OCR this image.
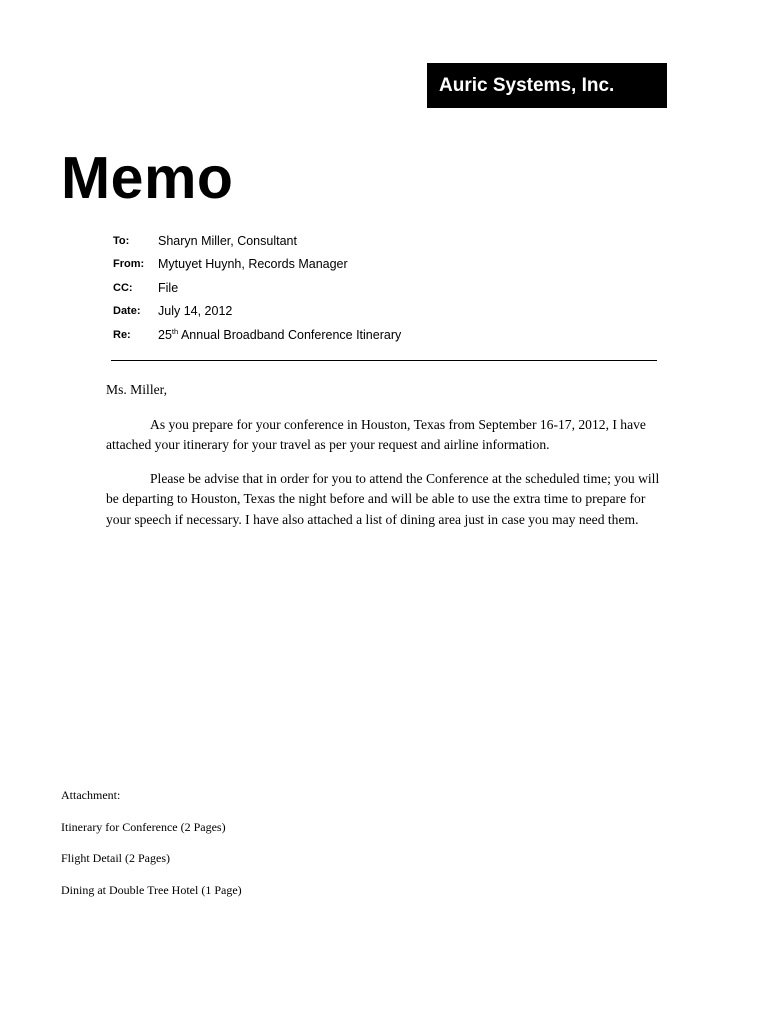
Auric Systems, Inc.
Memo
To:	Sharyn Miller, Consultant
From:	Mytuyet Huynh, Records Manager
CC:	File
Date:	July 14, 2012
Re:	25th Annual Broadband Conference Itinerary

Ms. Miller,

As you prepare for your conference in Houston, Texas from September 16-17, 2012, I have attached your itinerary for your travel as per your request and airline information.

Please be advise that in order for you to attend the Conference at the scheduled time; you will be departing to Houston, Texas the night before and will be able to use the extra time to prepare for your speech if necessary. I have also attached a list of dining area just in case you may need them.

Attachment:
Itinerary for Conference (2 Pages)
Flight Detail (2 Pages)
Dining at Double Tree Hotel (1 Page)
